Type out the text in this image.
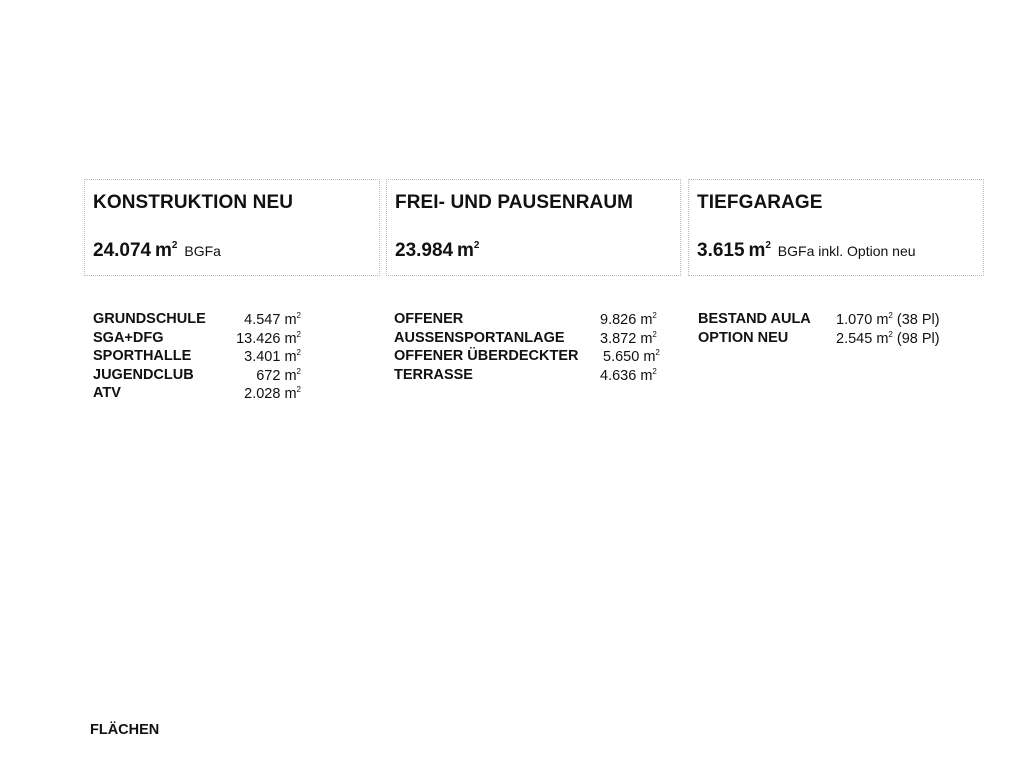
KONSTRUKTION NEU
24.074 $m^2$ BGFa
FREI- UND PAUSENRAUM
23.984 $m^2$
TIEFGARAGE
3.615 $m^2$ BGFa inkl. Option neu
GRUNDSCHULE	4.547 $m^2$
SGA+DFG	13.426 $m^2$
SPORTHALLE	3.401 $m^2$
JUGENDCLUB	672 $m^2$
ATV	2.028 $m^2$
OFFENER	9.826 $m^2$
AUSSENSPORTANLAGE 3.872 $m^2$
OFFENER ÜBERDECKTER 5.650 $m^2$
TERRASSE	4.636 $m^2$
BESTAND AULA 1.070 $m^2$ (38 Pl)
OPTION NEU	2.545 $m^2$ (98 Pl)
FLÄCHEN
